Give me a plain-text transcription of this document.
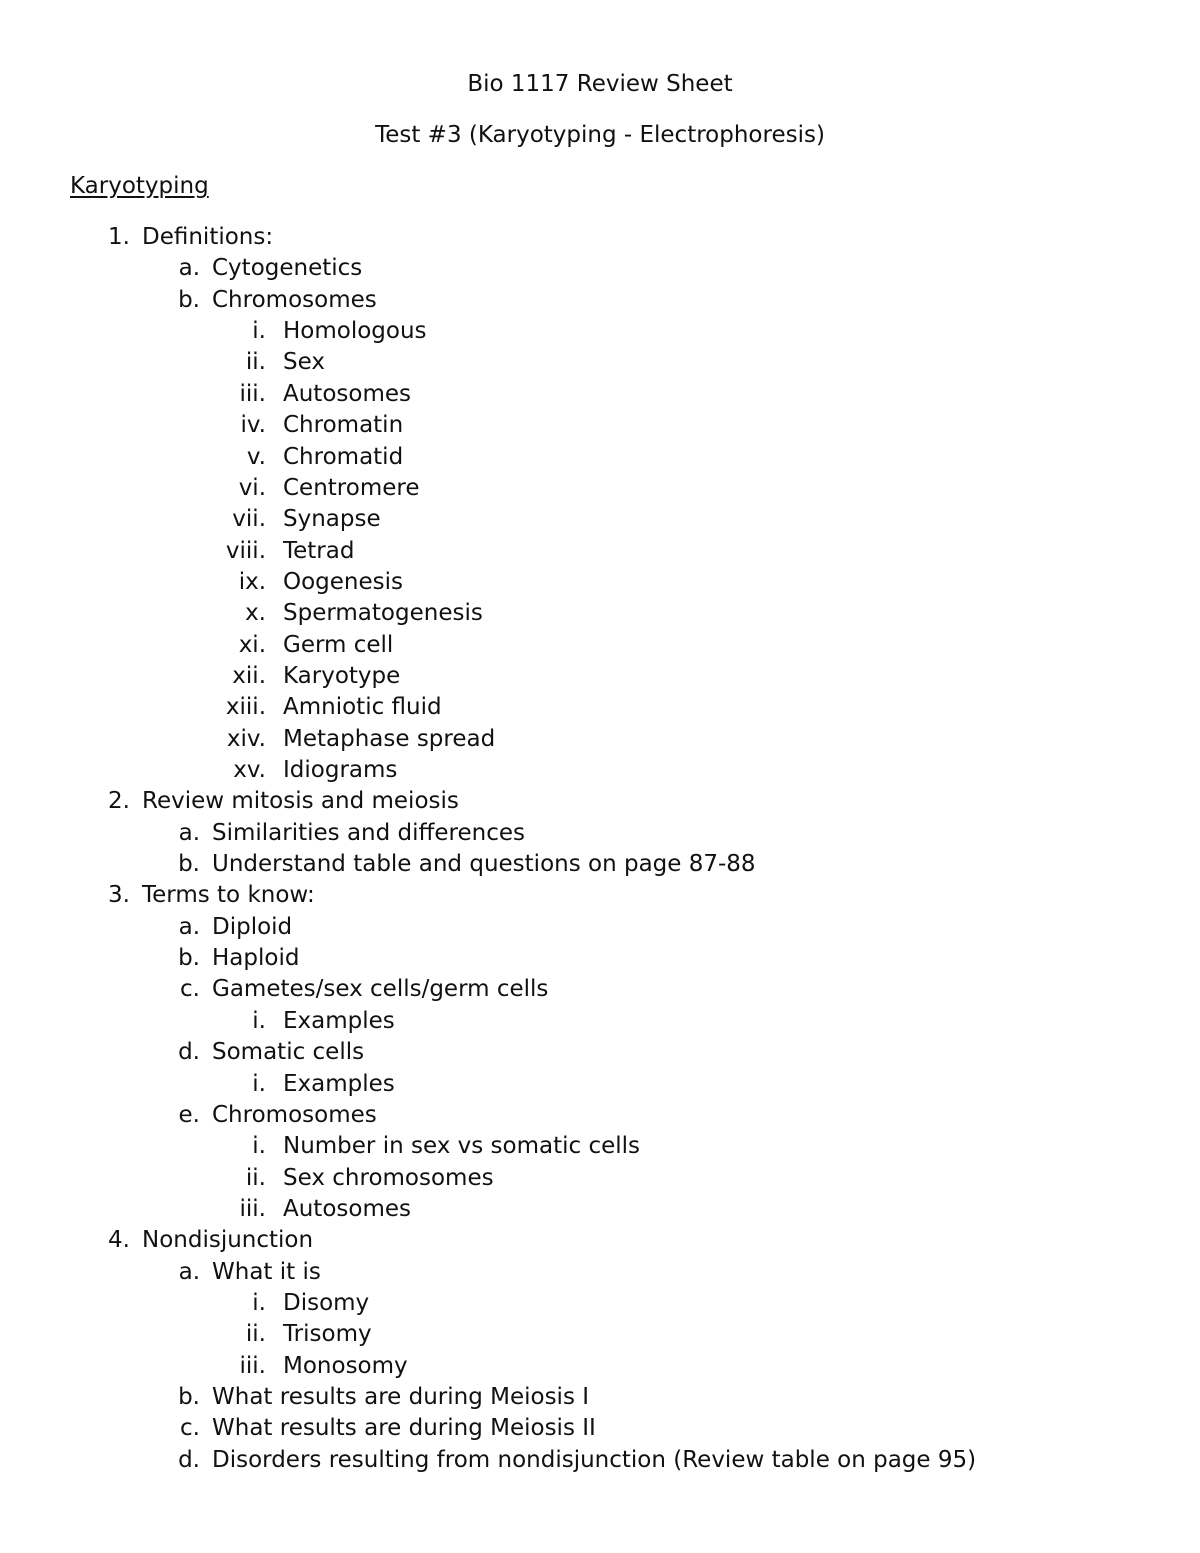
Bio 1117 Review Sheet
Test #3 (Karyotyping - Electrophoresis)
Karyotyping
1. Definitions:
a. Cytogenetics
b. Chromosomes
i. Homologous
ii. Sex
iii. Autosomes
iv. Chromatin
v. Chromatid
vi. Centromere
vii. Synapse
viii. Tetrad
ix. Oogenesis
x. Spermatogenesis
xi. Germ cell
xii. Karyotype
xiii. Amniotic fluid
xiv. Metaphase spread
xv. Idiograms
2. Review mitosis and meiosis
a. Similarities and differences
b. Understand table and questions on page 87-88
3. Terms to know:
a. Diploid
b. Haploid
c. Gametes/sex cells/germ cells
i. Examples
d. Somatic cells
i. Examples
e. Chromosomes
i. Number in sex vs somatic cells
ii. Sex chromosomes
iii. Autosomes
4. Nondisjunction
a. What it is
i. Disomy
ii. Trisomy
iii. Monosomy
b. What results are during Meiosis I
c. What results are during Meiosis II
d. Disorders resulting from nondisjunction (Review table on page 95)
